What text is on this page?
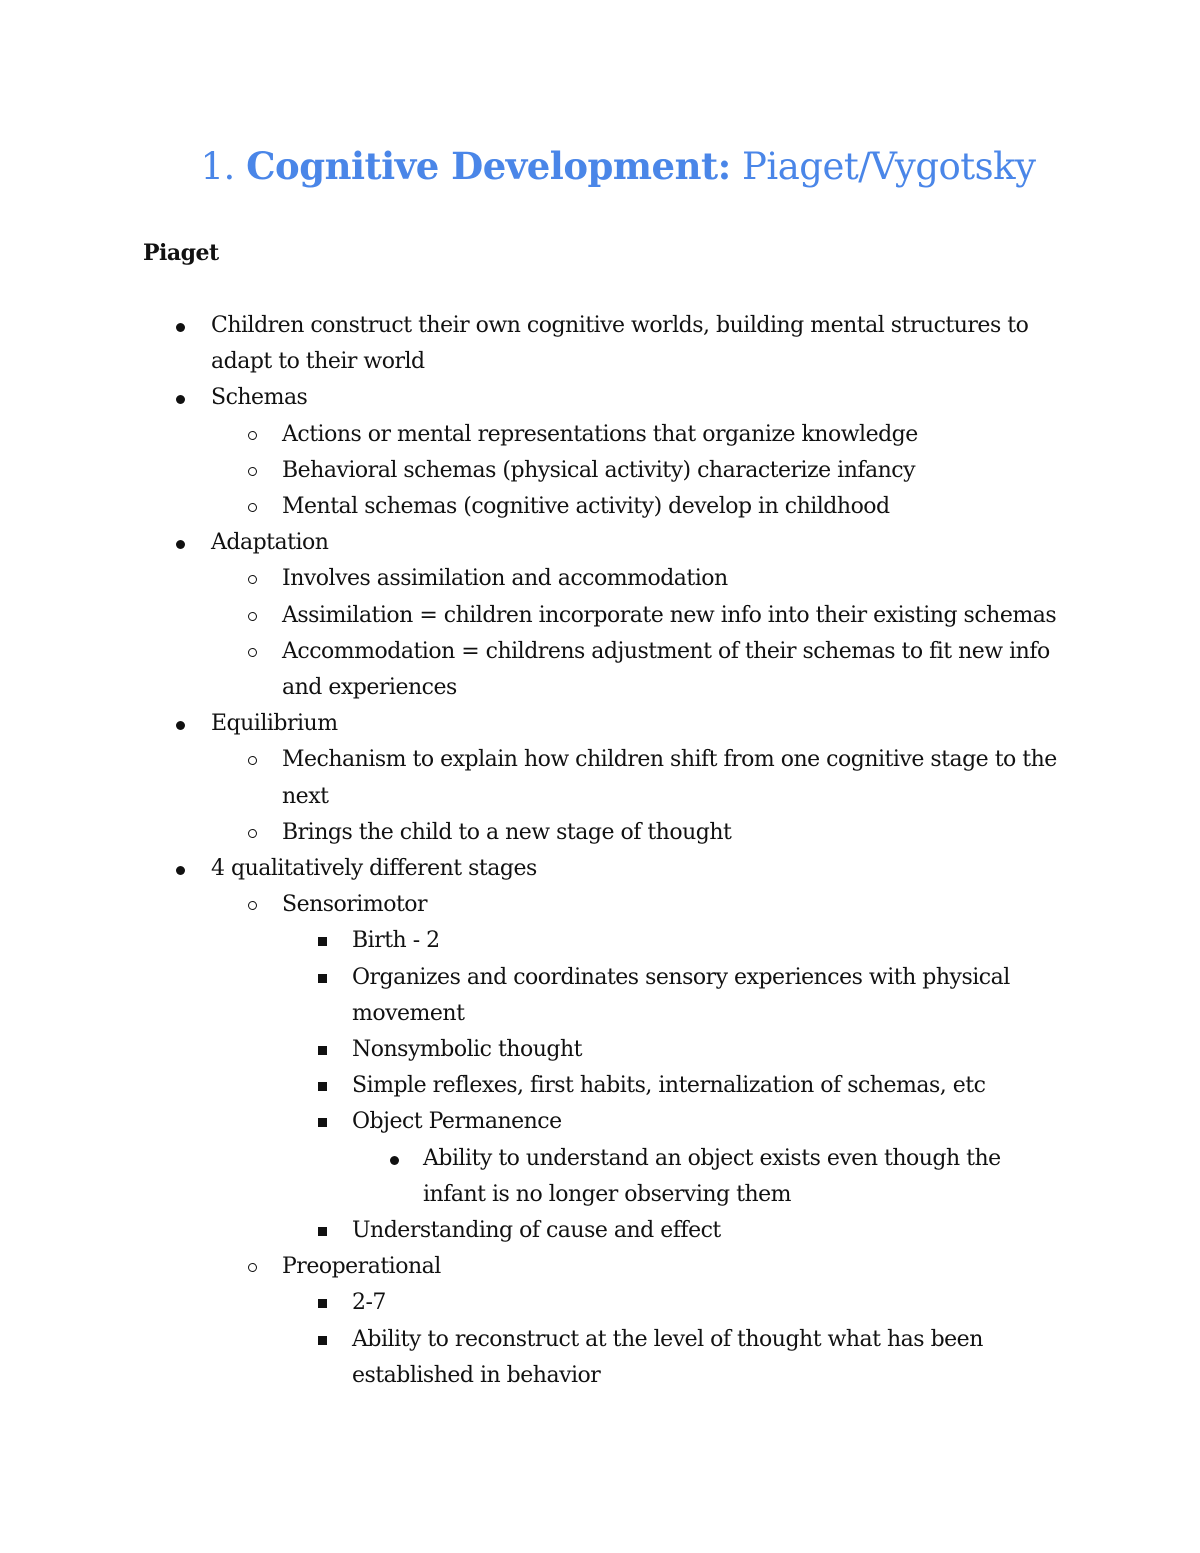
1. Cognitive Development: Piaget/Vygotsky
Piaget
Children construct their own cognitive worlds, building mental structures to adapt to their world
Schemas
Actions or mental representations that organize knowledge
Behavioral schemas (physical activity) characterize infancy
Mental schemas (cognitive activity) develop in childhood
Adaptation
Involves assimilation and accommodation
Assimilation = children incorporate new info into their existing schemas
Accommodation = childrens adjustment of their schemas to fit new info and experiences
Equilibrium
Mechanism to explain how children shift from one cognitive stage to the next
Brings the child to a new stage of thought
4 qualitatively different stages
Sensorimotor
Birth - 2
Organizes and coordinates sensory experiences with physical movement
Nonsymbolic thought
Simple reflexes, first habits, internalization of schemas, etc
Object Permanence
Ability to understand an object exists even though the infant is no longer observing them
Understanding of cause and effect
Preoperational
2-7
Ability to reconstruct at the level of thought what has been established in behavior
